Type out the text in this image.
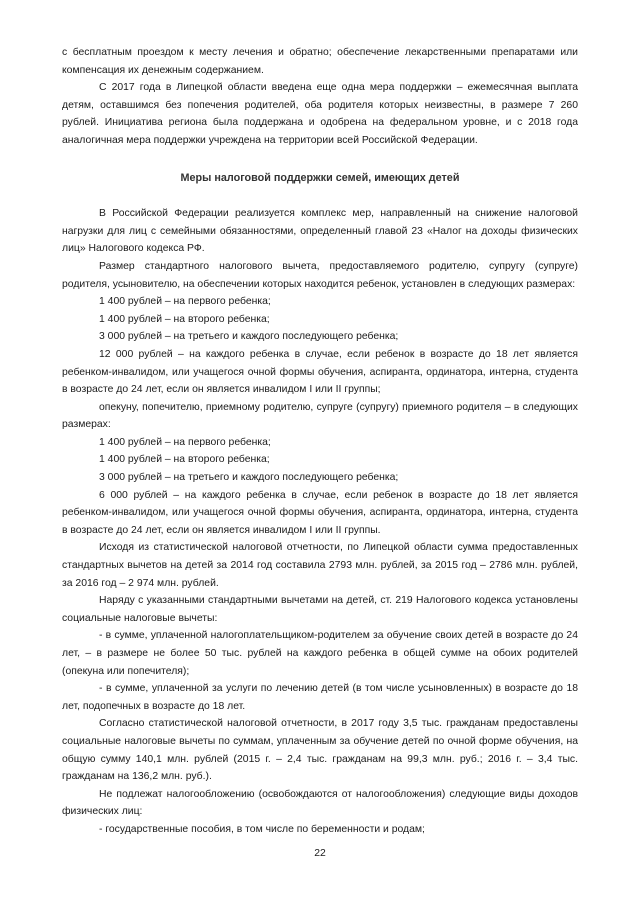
с бесплатным проездом к месту лечения и обратно; обеспечение лекарственными препаратами или компенсация их денежным содержанием.

С 2017 года в Липецкой области введена еще одна мера поддержки – ежемесячная выплата детям, оставшимся без попечения родителей, оба родителя которых неизвестны, в размере 7 260 рублей. Инициатива региона была поддержана и одобрена на федеральном уровне, и с 2018 года аналогичная мера поддержки учреждена на территории всей Российской Федерации.

Меры налоговой поддержки семей, имеющих детей

В Российской Федерации реализуется комплекс мер, направленный на снижение налоговой нагрузки для лиц с семейными обязанностями, определенный главой 23 «Налог на доходы физических лиц» Налогового кодекса РФ.

Размер стандартного налогового вычета, предоставляемого родителю, супругу (супруге) родителя, усыновителю, на обеспечении которых находится ребенок, установлен в следующих размерах:

1 400 рублей – на первого ребенка;

1 400 рублей – на второго ребенка;

3 000 рублей – на третьего и каждого последующего ребенка;

12 000 рублей – на каждого ребенка в случае, если ребенок в возрасте до 18 лет является ребенком-инвалидом, или учащегося очной формы обучения, аспиранта, ординатора, интерна, студента в возрасте до 24 лет, если он является инвалидом I или II группы;

опекуну, попечителю, приемному родителю, супруге (супругу) приемного родителя – в следующих размерах:

1 400 рублей – на первого ребенка;

1 400 рублей – на второго ребенка;

3 000 рублей – на третьего и каждого последующего ребенка;

6 000 рублей – на каждого ребенка в случае, если ребенок в возрасте до 18 лет является ребенком-инвалидом, или учащегося очной формы обучения, аспиранта, ординатора, интерна, студента в возрасте до 24 лет, если он является инвалидом I или II группы.

Исходя из статистической налоговой отчетности, по Липецкой области сумма предоставленных стандартных вычетов на детей за 2014 год составила 2793 млн. рублей, за 2015 год – 2786 млн. рублей, за 2016 год – 2 974 млн. рублей.

Наряду с указанными стандартными вычетами на детей, ст. 219 Налогового кодекса установлены социальные налоговые вычеты:

- в сумме, уплаченной налогоплательщиком-родителем за обучение своих детей в возрасте до 24 лет, – в размере не более 50 тыс. рублей на каждого ребенка в общей сумме на обоих родителей (опекуна или попечителя);

- в сумме, уплаченной за услуги по лечению детей (в том числе усыновленных) в возрасте до 18 лет, подопечных в возрасте до 18 лет.

Согласно статистической налоговой отчетности, в 2017 году 3,5 тыс. гражданам предоставлены социальные налоговые вычеты по суммам, уплаченным за обучение детей по очной форме обучения, на общую сумму 140,1 млн. рублей (2015 г. – 2,4 тыс. гражданам на 99,3 млн. руб.; 2016 г. – 3,4 тыс. гражданам на 136,2 млн. руб.).

Не подлежат налогообложению (освобождаются от налогообложения) следующие виды доходов физических лиц:

- государственные пособия, в том числе по беременности и родам;

22
